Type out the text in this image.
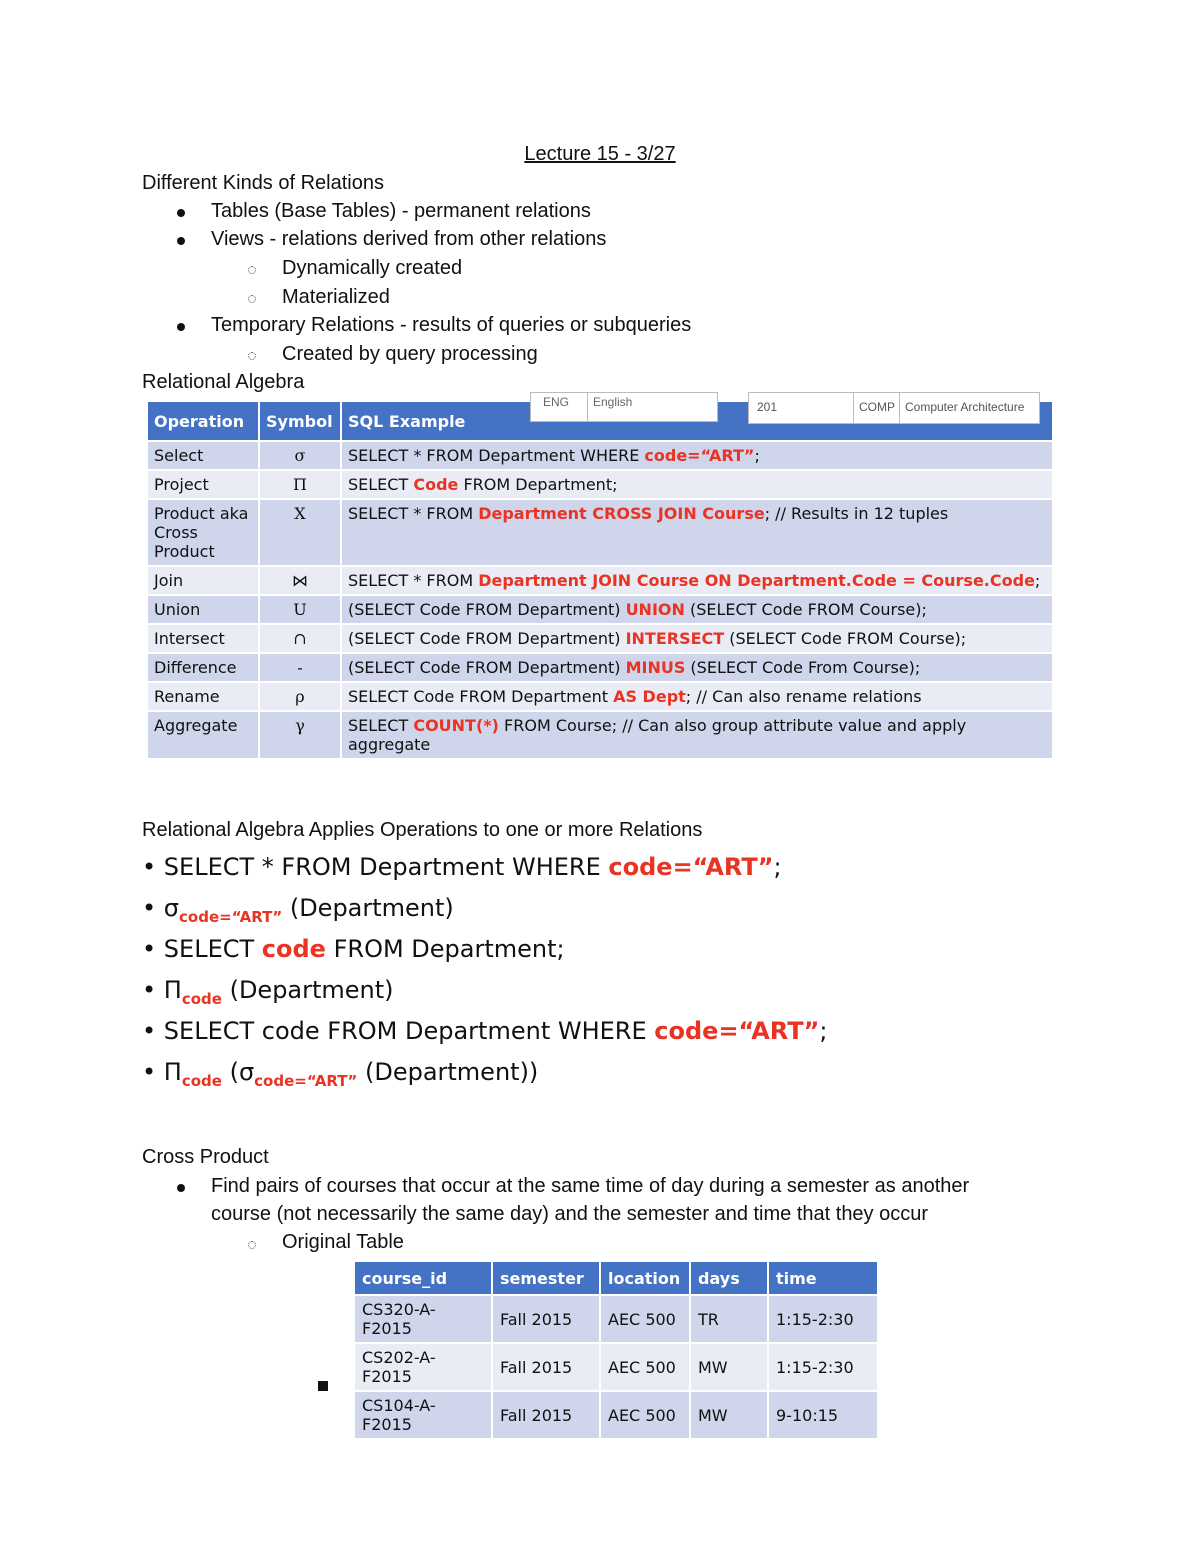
Lecture 15 - 3/27
Different Kinds of Relations
Tables (Base Tables) - permanent relations
Views - relations derived from other relations
Dynamically created
Materialized
Temporary Relations - results of queries or subqueries
Created by query processing
Relational Algebra
Operation	Symbol	SQL Example
Select	σ	SELECT * FROM Department WHERE code=“ART”;
Project	Π	SELECT Code FROM Department;
Product aka Cross Product	X	SELECT * FROM Department CROSS JOIN Course; // Results in 12 tuples
Join	⋈	SELECT * FROM Department JOIN Course ON Department.Code = Course.Code;
Union	U	(SELECT Code FROM Department) UNION (SELECT Code FROM Course);
Intersect	∩	(SELECT Code FROM Department) INTERSECT (SELECT Code FROM Course);
Difference	-	(SELECT Code FROM Department) MINUS (SELECT Code From Course);
Rename	ρ	SELECT Code FROM Department AS Dept; // Can also rename relations
Aggregate	γ	SELECT COUNT(*) FROM Course; // Can also group attribute value and apply aggregate
ENG English	201	COMP Computer Architecture
Relational Algebra Applies Operations to one or more Relations
• SELECT * FROM Department WHERE code=“ART”;
• $\sigma_{code=“ART”}$ (Department)
• SELECT code FROM Department;
• $\Pi_{code}$ (Department)
• SELECT code FROM Department WHERE code=“ART”;
• $\Pi_{code}$ ($\sigma_{code=“ART”}$ (Department))
Cross Product
Find pairs of courses that occur at the same time of day during a semester as another
course (not necessarily the same day) and the semester and time that they occur
Original Table
course_id	semester	location	days	time
CS320-A-F2015	Fall 2015	AEC 500	TR	1:15-2:30
CS202-A-F2015	Fall 2015	AEC 500	MW	1:15-2:30
CS104-A-F2015	Fall 2015	AEC 500	MW	9-10:15
